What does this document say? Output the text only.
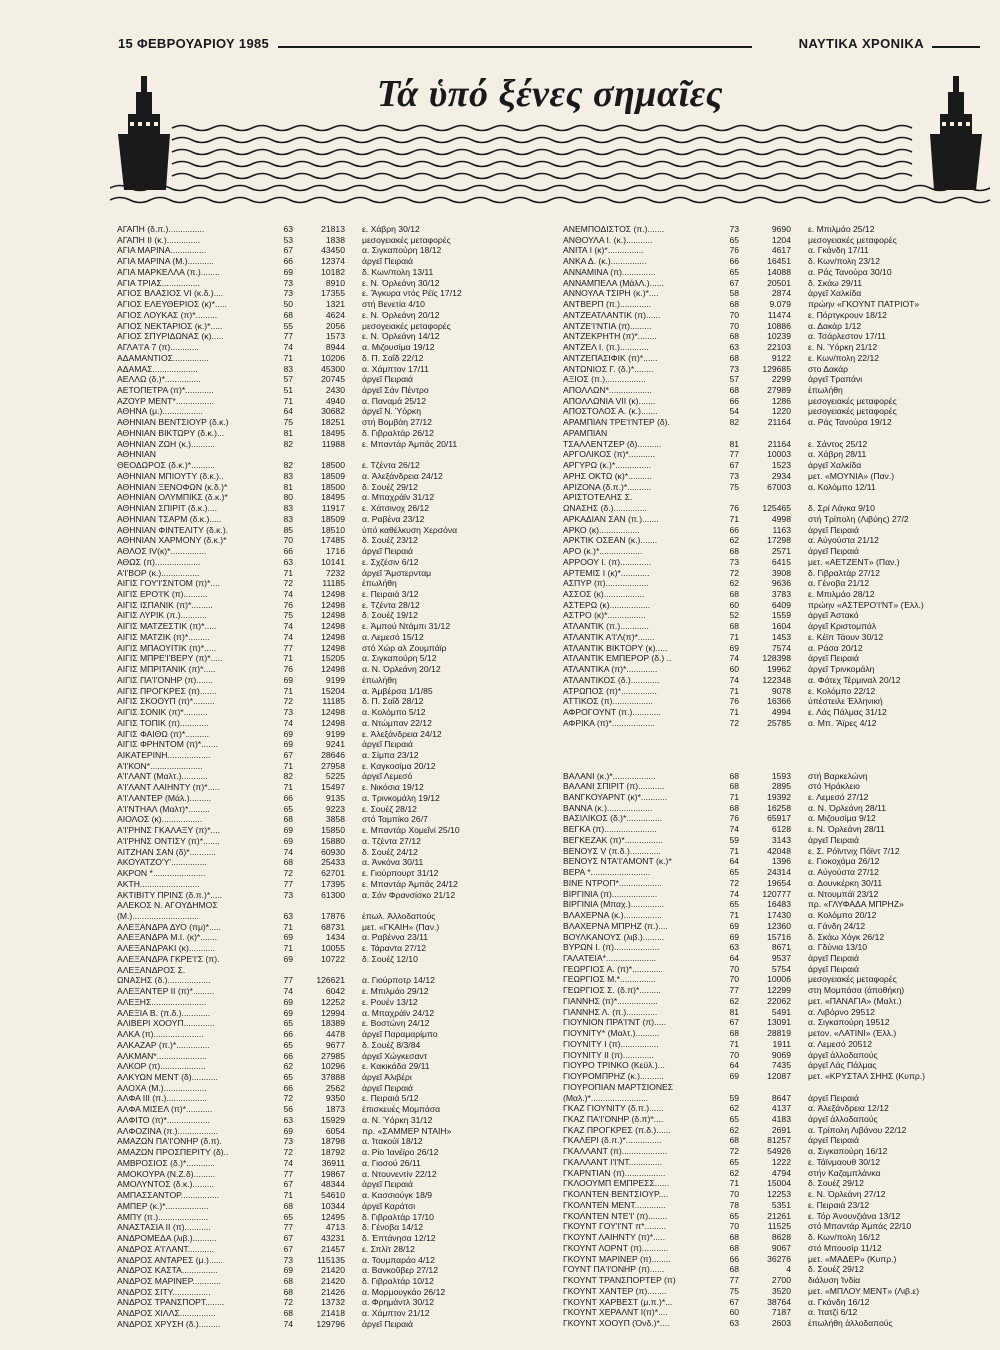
15 ΦΕΒΡΟΥΑΡΙΟΥ 1985	ΝΑΥΤΙΚΑ ΧΡΟΝΙΚΑ
Τά ὑπό ξένες σημαῖες
ΑΓΑΠΗ (δ.π.)...............	63	21813 ε. Χάβρη 30/12
ΑΓΑΠΗ ΙΙ (κ.)..............	53	1838 μεσογειακές μεταφορές
ΑΓΙΑ ΜΑΡΙΝΑ...............	67	43450 α. Σιγκαπούρη 18/12
ΑΓΙΑ ΜΑΡΙΝΑ (Μ.)...........	66	12374 ἀργεῖ Πειραιά
ΑΓΙΑ ΜΑΡΚΕΛΛΑ (π.)........	69	10182 δ. Κων/πολη 13/11
ΑΓΙΑ ΤΡΙΑΣ................	73	8910 ε. Ν. Ὀρλεάνη 30/12
ΑΓΙΟΣ ΒΛΑΣΙΟΣ VI (κ.δ.)....	73	17355 ε. Ἄγκυρα ντός Ρέϊς 17/12
ΑΓΙΟΣ ΕΛΕΥΘΕΡΙΟΣ (κ)*.....	50	1321 στή Βενετία 4/10
ΑΓΙΟΣ ΛΟΥΚΑΣ (π)*.........	68	4624 ε. Ν. Ὀρλεάνη 20/12
ΑΓΙΟΣ ΝΕΚΤΑΡΙΟΣ (κ.)*.....	55	2056 μεσογειακές μεταφορές
ΑΓΙΟΣ ΣΠΥΡΙΔΩΝΑΣ (κ).....	77	1573 ε. Ν. Ὀρλεάνη 14/12
ΑΓΛΑ'Ι'Α 7 (π)............	74	8944 α. Μιζουσίμα 19/12
ΑΔΑΜΑΝΤΙΟΣ...............	71	10206 δ. Π. Σαΐδ 22/12
ΑΔΑΜΑΣ...................	83	45300 α. Χάμπτον 17/11
ΑΕΛΛΩ (δ.)*...............	57	20745 ἀργεῖ Πειραιά
ΑΕΤΟΠΕΤΡΑ (π)*............	51	2430 ἀργεῖ Σάν Πέντρο
ΑΖΟΥΡ ΜΕΝΤ*................	71	4940 α. Παναμά 25/12
ΑΘΗΝΑ (μ.).................	64	30682 ἀργεῖ Ν. Ὑόρκη
ΑΘΗΝΙΑΝ ΒΕΝΤΣΙΟΥΡ (δ.κ.)	75	18251 στή Βομβάη 27/12
ΑΘΗΝΙΑΝ ΒΙΚΤΩΡΥ (δ.κ.)...	81	18495 δ. Γιβραλτάρ 26/12
ΑΘΗΝΙΑΝ ΖΩΗ (κ.)..........	82	11988 ε. Μπαντάρ Ἀμπάς 20/11
ΑΘΗΝΙΑΝ
ΘΕΟΔΩΡΟΣ (δ.κ.)*..........	82	18500 ε. Τζέντα 26/12
ΑΘΗΝΙΑΝ ΜΠΙΟΥΤΥ (δ.κ.)..	83	18509 α. Ἀλεξάνδρεια 24/12
ΑΘΗΝΙΑΝ ΞΕΝΟΦΩΝ (κ.δ.)*	81	18500 δ. Σουέζ 29/12
ΑΘΗΝΙΑΝ ΟΛΥΜΠΙΚΣ (δ.κ.)*	80	18495 α. Μπαχράϊν 31/12
ΑΘΗΝΙΑΝ ΣΠΙΡΙΤ (δ.κ.)....	83	11917 ε. Χάτσινοχ 26/12
ΑΘΗΝΙΑΝ ΤΣΑΡΜ (δ.κ.).....	83	18509 α. Ραβένα 23/12
ΑΘΗΝΙΑΝ ΦΙΝΤΕΛΙΤΥ (δ.κ.).	85	18510 ὑπό καθέλκυση Χερσόνα
ΑΘΗΝΙΑΝ ΧΑΡΜΟΝΥ (δ.κ.)*	70	17485 δ. Σουέζ 23/12
ΑΘΛΟΣ IV(κ)*...............	66	1716 ἀργεῖ Πειραιά
ΑΘΩΣ (π)...................	63	10141 ε. Σχζέσιν 6/12
Α'Ι'ΒΟΡ (κ.)................	71	7232 ἀργεῖ Ἄμστερνταμ
ΑΙΓΙΣ ΓΟΥ'Ι'ΣΝΤΟΜ (π)*....	72	11185 ἐπωλήθη
ΑΙΓΙΣ ΕΡΟ'Ι'Κ (π)..........	74	12498 ε. Πειραιά 3/12
ΑΙΓΙΣ ΙΣΠΑΝΙΚ (π)*.........	76	12498 ε. Τζέντα 28/12
ΑΙΓΙΣ ΛΥΡΙΚ (π.)...........	75	12498 δ. Σουέζ 19/12
ΑΙΓΙΣ ΜΑΤΖΕΣΤΙΚ (π)*.....	74	12498 ε. Ἀμπού Ντάμπι 31/12
ΑΙΓΙΣ ΜΑΤΖΙΚ (π)*.........	74	12498 α. Λεμεσό 15/12
ΑΙΓΙΣ ΜΠΑΟΥΙΤΙΚ (π)*.....	77	12498 στό Χώρ αλ Ζουμπάϊρ
ΑΙΓΙΣ ΜΠΡΕ'Ι'ΒΕΡΥ (π)*.....	71	15205 α. Σιγκαπούρη 5/12
ΑΙΓΙΣ ΜΠΡΙΤΑΝΙΚ (π)*.....	76	12498 α. Ν. Ὀρλεάνη 20/12
ΑΙΓΙΣ ΠΑ'Ι'ΟΝΗΡ (π).......	69	9199 ἐπωλήθη
ΑΙΓΙΣ ΠΡΟΓΚΡΕΣ (π).......	71	15204 α. Ἀμβέρσα 1/1/85
ΑΙΓΙΣ ΣΚΟΟΥΠ (π)*.........	72	11185 δ. Π. Σαΐδ 28/12
ΑΙΓΙΣ ΣΟΝΙΚ (π)*..........	73	12498 α. Κολόμπο 5/12
ΑΙΓΙΣ ΤΟΠΙΚ (π)............	74	12498 α. Ντώμπαν 22/12
ΑΙΓΙΣ ΦΑΙΘΩ (π)*..........	69	9199 ε. Ἀλεξάνδρεια 24/12
ΑΙΓΙΣ ΦΡΗΝΤΟΜ (π)*.......	69	9241 ἀργεῖ Πειραιά
ΑΙΚΑΤΕΡΙΝΗ..................	67	28646 α. Σίμπα 23/12
Α'Ι'ΚΟΝ*......................	71	27958 ε. Καγκοσίμα 20/12
Α'Ι'ΛΑΝΤ (Μαλτ.)...........	82	5225 ἀργεῖ Λεμεσό
Α'Ι'ΛΑΝΤ ΛΑΙΗΝΤΥ (π)*.....	71	15497 ε. Νικόσια 19/12
Α'Ι'ΛΑΝΤΕΡ (Μάλ.).........	66	9135 α. Τρινκομάλη 19/12
Α'Ι'ΝΤΗΑΛ (Μαλτ)*.........	65	9223 ε. Σουέζ 28/12
ΑΙΟΛΟΣ (κ).................	68	3858 στό Ταμπίκο 26/7
Α'Ι'ΡΗΝΣ ΓΚΑΛΑΞΥ (π)*....	69	15850 ε. Μπαντάρ Χομεΐνί 25/10
Α'Ι'ΡΗΝΣ ΟΝΤΙΣΥ (π)*.......	69	15880 α. Τζέντα 27/12
ΑΙΤΖΗΑΝ ΣΑΝ (δ)*...........	74	60930 δ. Σουέζ 24/12
ΑΚΟΥΑΤΖΟ'Υ'...............	68	25433 α. Ἀνκόνα 30/11
ΑΚΡΟΝ *......................	72	62701 ε. Γιούρπουρτ 31/12
ΑΚΤΗ.........................	77	17395 ε. Μπαντάρ Ἀμπάς 24/12
ΑΚΤΙΒΙΤΥ ΠΡΙΝΣ (δ.π.)*.....	73	61300 α. Σάν Φρανσίσκο 21/12
ΑΛΕΚΟΣ Ν. ΑΓΟΥΔΗΜΟΣ
(Μ.)............................	63	17876 ἐπωλ. Ἀλλοδαπούς
ΑΛΕΞΑΝΔΡΑ ΔΥΟ (πμ)*.....	71	68731 μετ. «ΓΚΑΙΗ» (Παν.)
ΑΛΕΞΑΝΔΡΑ Μ.Ι. (κ)*.......	69	1434 α. Ραβέννα 23/11
ΑΛΕΞΑΝΔΡΑΚΙ (κ)...........	71	10055 ε. Τάραντα 27/12
ΑΛΕΞΑΝΔΡΑ ΓΚΡΕ'Ι'Σ (π).	69	10722 δ. Σουέζ 12/10
ΑΛΕΞΑΝΔΡΟΣ Σ.
ΩΝΑΣΗΣ (δ.)..................	77	126621 α. Γιούρποτρ 14/12
ΑΛΕΞΑΝΤΕΡ ΙΙ (π)*.........	74	6042 ε. Μπιλμάο 29/12
ΑΛΕΞΗΣ.......................	69	12252 ε. Ρουέν 13/12
ΑΛΕΞΙΑ Β. (π.δ.)............	69	12994 α. Μπαχράϊν 24/12
ΑΛΙΒΕΡΙ ΧΟΟΥΠ.............	65	18389 ε. Βοστώνη 24/12
ΑΛΚΑ (π).....................	66	4478 ἀργεῖ Παραμαρίμπο
ΑΛΚΑΖΑΡ (π.)*..............	65	9677 δ. Σουέζ 8/3/84
ΑΛΚΜΑΝ*.....................	66	27985 ἀργεῖ Χώγκεσαντ
ΑΛΚΟΡ (π)...................	62	10296 ε. Κακικάδα 29/11
ΑΛΚΥΩΝ ΜΕΝΤ (δ)...........	65	37888 ἀργεῖ Ἀλιβέρι
ΑΛΟΧΑ (Μ.)..................	66	2562 ἀργεῖ Πειραιά
ΑΛΦΑ ΙΙΙ (π.).................	72	9350 ε. Πειραιά 5/12
ΑΛΦΑ ΜΙΣΕΛ (π)*...........	56	1873 ἐπισκευές Μομπάσα
ΑΛΦΙΤΟ (π)*..................	63	15929 α. Ν. Ὑόρκη 31/12
ΑΛΦΟΖΙΝΑ (π.).................	69	6054 πρ. «ΣΑΜΜΕΡ ΝΤΑΙΗ»
ΑΜΑΖΩΝ ΠΑ'Ι'ΟΝΗΡ (δ.π).	73	18798 α. Ἰτακούϊ 18/12
ΑΜΑΖΩΝ ΠΡΟΣΠΕΡΙΤΥ (δ)..	72	18792 α. Ρίο Ἰανέϊρο 26/12
ΑΜΒΡΟΣΙΟΣ (δ.)*............	74	36911 α. Γιοσού 26/11
ΑΜΟΚΟΥΡΑ (Ν.Ζ.δ).........	77	19867 α. Ντουνεντίν 22/12
ΑΜΟΛΥΝΤΟΣ (δ.κ.).........	67	48344 ἀργεῖ Πειραιά
ΑΜΠΑΣΣΑΝΤΟΡ................	71	54610 α. Κασσιούγκ 18/9
ΑΜΠΕΡ (κ.)*..................	68	10344 ἀργεῖ Καράτσι
ΑΜΠΥ (π.).....................	65	12495 δ. Γιβραλτάρ 17/10
ΑΝΑΣΤΑΣΙΑ ΙΙ (π)...........	77	4713 δ. Γένοβα 14/12
ΑΝΔΡΟΜΕΔΑ (λιβ.)..........	67	43231 δ. Ἐπτάνησα 12/12
ΑΝΔΡΟΣ Α'Ι'ΛΑΝΤ...........	67	21457 ε. Σπλίτ 28/12
ΑΝΔΡΟΣ ΑΝΤΑΡΕΣ (μ.)......	73	115135 α. Τουμπαράο 4/12
ΑΝΔΡΟΣ ΚΑΣΤΑ...............	69	21420 α. Βανκοῦβερ 27/12
ΑΝΔΡΟΣ ΜΑΡΙΝΕΡ............	68	21420 δ. Γιβραλτάρ 10/12
ΑΝΔΡΟΣ ΣΙΤΥ................	68	21426 α. Μορμουγκάο 26/12
ΑΝΔΡΟΣ ΤΡΑΝΣΠΟΡΤ........	72	13732 α. Φρημάντλ 30/12
ΑΝΔΡΟΣ ΧΙΛΛΣ...............	68	21418 α. Χάμπτον 21/12
ΑΝΔΡΟΣ ΧΡΥΣΗ (δ.).........	74	129796 ἀργεῖ Πειραιά
ΑΝΕΜΠΟΔΙΣΤΟΣ (π.).......	73	9690 ε. Μπιλμάο 25/12
ΑΝΘΟΥΛΑ Ι. (κ.)...........	65	1204 μεσογειακές μεταφορές
ΑΝΙΤΑ Ι (κ)*...............	76	4617 α. Γκάνδη 17/11
ΑΝΚΑ Δ. (κ.)...............	66	16451 δ. Κων/πολη 23/12
ΑΝΝΑΜΙΝΑ (π)..............	65	14088 α. Ράς Τανούρα 30/10
ΑΝΝΑΜΠΕΛΑ (ΜάλΛ.)......	67	20501 δ. Σκάω 29/11
ΑΝΝΟΥΛΑ ΤΣΙΡΗ (κ.)*....	58	2874 ἀργεῖ Χαλκίδα
ΑΝΤΒΕΡΠ (π.).............	68	9.079 πρώην «ΓΚΟΥΝΤ ΠΑΤΡΙΟΤ»
ΑΝΤΖΕΑΤΛΑΝΤΙΚ (π)......	70	11474 ε. Πόρτγκρουν 18/12
ΑΝΤΖΕ'Ι'ΝΤΙΑ (π).........	70	10886 α. Δακάρ 1/12
ΑΝΤΖΕΚΡΗΤΗ (π)*........	68	10239 α. Τσάρλεστον 17/11
ΑΝΤΖΕΛ Ι. (π.)............	63	22103 ε. Ν. Ὑόρκη 21/12
ΑΝΤΖΕΠΑΣΙΦΙΚ (π)*......	68	9122 ε. Κων/πολη 22/12
ΑΝΤΩΝΙΟΣ Γ. (δ.)*........	73	129685 στο Δακάρ
ΑΞΙΟΣ (π.).................	57	2299 ἀργεῖ Τραπάνι
ΑΠΟΛΛΩΝ*..................	68	27989 ἐπωλήθη
ΑΠΟΛΛΩΝΙΑ VII (κ).......	66	1286 μεσογειακές μεταφορές
ΑΠΟΣΤΟΛΟΣ Α. (κ.).......	54	1220 μεσογειακές μεταφορές
ΑΡΑΜΠΙΑΝ ΤΡΕ'Ι'ΝΤΕΡ (δ).	82	21164 α. Ράς Τανούρα 19/12
ΑΡΑΜΠΙΑΝ
ΤΣΑΛΛΕΝΤΖΕΡ (δ)..........	81	21164 ε. Σάντος 25/12
ΑΡΓΟΛΙΚΟΣ (π)*...........	77	10003 α. Χάβρη 28/11
ΑΡΓΥΡΩ (κ.)*...............	67	1523 ἀργεῖ Χαλκίδα
ΑΡΗΣ ΟΚΤΩ (κ)*..........	73	2934 μετ. «ΜΟΥΝΙΑ» (Παν.)
ΑΡΙΖΟΝΑ (δ.π.)*..........	75	67003 α. Κολόμπο 12/11
ΑΡΙΣΤΟΤΕΛΗΣ Σ.
ΩΝΑΣΗΣ (δ.)..............	76	125465 δ. Σρί Λάνκα 9/10
ΑΡΚΑΔΙΑΝ ΣΑΝ (π.).......	71	4998 στή Τρίπολη (Λιβύης) 27/2
ΑΡΚΟ (κ).................	66	1163 ἀργεῖ Πειραιά
ΑΡΚΤΙΚ ΟΣΕΑΝ (κ.).......	62	17298 α. Αὐγούστα 21/12
ΑΡΟ (κ.)*..................	68	2571 ἀργεῖ Πειραιά
ΑΡΡΟΟΥ Ι. (π).............	73	6415 μετ. «ΑΕΤΖΕΝΤ» (Παν.)
ΑΡΤΕΜΙΣ Ι (κ)*............	72	3908 δ. Γιβραλτάρ 27/12
ΑΣΠΥΡ (π)..................	62	9636 α. Γένοβα 21/12
ΑΣΣΟΣ (κ).................	68	3783 ε. Μπιλμάο 28/12
ΑΣΤΕΡΩ (κ).................	60	6409 πρώην «ΑΣΤΕΡΟ'Ι'ΝΤ» (Ἐλλ.)
ΑΣΤΡΟ (κ)*................	52	1559 ἀργεῖ Ἀστακό
ΑΤΛΑΝΤΙΚ (π.)............	68	1604 ἀργεῖ Κριστομπάλ
ΑΤΛΑΝΤΙΚ Α'Ι'Λ(π)*.......	71	1453 ε. Κέϊπ Τάουν 30/12
ΑΤΛΑΝΤΙΚ ΒΙΚΤΟΡΥ (κ).....	69	7574 α. Ράσα 20/12
ΑΤΛΑΝΤΙΚ ΕΜΠΕΡΟΡ (δ.) ..	74	128398 ἀργεῖ Πειραιά
ΑΤΛΑΝΤΙΚΑ (π)*.............	60	19962 ἀργεῖ Τρινκομάλη
ΑΤΛΑΝΤΙΚΟΣ (δ.)............	74	122348 α. Φότεχ Τέρμιναλ 20/12
ΑΤΡΩΠΟΣ (π)*...............	71	9078 ε. Κολόμπο 22/12
ΑΤΤΙΚΟΣ (π).................	76	16366 ὑπέστειλε Ἐλληνική
ΑΦΡΟΓΟΥΝΤ (π.)............	71	4994 ε. Λάς Πάλμας 31/12
ΑΦΡΙΚΑ (π)*..................	72	25785 α. Μπ. Ἄϊρες 4/12
ΒΑΛΑΝΙ (κ.)*..................	68	1593 στή Βαρκελώνη
ΒΑΛΑΝΙ ΣΠΙΡΙΤ (π)...........	68	2895 στό Ἡράκλειο
ΒΑΝΓΚΟΥΑΡΝΤ (κ)*...........	71	19392 ε. Λεμεσό 27/12
ΒΑΝΝΑ (κ.)...................	68	16258 α. Ν. Ὀρλεάνη 28/11
ΒΑΣΙΛΙΚΟΣ (δ.)*...............	76	65917 α. Μιζουσίμα 9/12
ΒΕΓΚΑ (π)......................	74	6128 ε. Ν. Ὀρλεάνη 28/11
ΒΕΓΚΕΖΑΚ (π)*................	59	3143 ἀργεῖ Πειραιά
ΒΕΝΟΥΣ V (π.δ.).............	71	42048 ε. Σ. Ρόϊντνιχ Πόϊντ 7/12
ΒΕΝΟΥΣ ΝΤΑ'Ι'ΑΜΟΝΤ (κ.)*	64	1396 ε. Γιοκοχάμα 26/12
ΒΕΡΑ *.........................	65	24314 α. Αὐγούστα 27/12
ΒΙΝΕ ΝΤΡΟΠ*..................	72	19654 α. Δουνκέρκη 30/11
ΒΙΡΓΙΝΙΑ (π)...................	74	120777 α. Ντουμπάϊ 23/12
ΒΙΡΓΙΝΙΑ (Μπαχ.)..............	65	16483 πρ. «ΓΛΥΦΑΔΑ ΜΠΡΗΖ»
ΒΛΑΧΕΡΝΑ (κ.)................	71	17430 α. Κολόμπο 20/12
ΒΛΑΧΕΡΝΑ ΜΠΡΗΖ (π.)....	69	12360 α. Γάνδη 24/12
ΒΟΥΛΚΑΝΟΥΣ (λιβ.).........	69	15716 δ. Σκάω Χόγκ 26/12
ΒΥΡΩΝ Ι. (π)...................	63	8671 α. Γδύνια 13/10
ΓΑΛΑΤΕΙΑ*.....................	64	9537 ἀργεῖ Πειραιά
ΓΕΩΡΓΙΟΣ Α. (π)*.............	70	5754 ἀργεῖ Πειραιά
ΓΕΩΡΓΙΟΣ Μ.*...............	70	10006 μεσογειακές μεταφορές
ΓΕΩΡΓΙΟΣ Σ. (δ.π)*.........	77	12299 στη Μομπάσα (ἀποθήκη)
ΓΙΑΝΝΗΣ (π)*.................	62	22062 μετ. «ΠΑΝΑΓΙΑ» (Μαλτ.)
ΓΙΑΝΝΗΣ Λ. (π.).............	81	5491 α. Λιβόρνο 29512
ΓΙΟΥΝΙΟΝ ΠΡΑ'Ι'ΝΤ (π).....	67	13091 α. Σιγκαπούρη 19512
ΓΙΟΥΝΙΤΥ* (Μαλτ.)..........	68	28819 μετον. «ΛΑΤΙΝΙ» (Ἐλλ.)
ΓΙΟΥΝΙΤΥ Ι (π)................	71	1911 α. Λεμεσό 20512
ΓΙΟΥΝΙΤΥ ΙΙ (π).............	70	9069 ἀργεῖ ἀλλοδαπούς
ΓΙΟΥΡΟ ΤΡΙΝΚΟ (Κεϋλ.)...	64	7435 ἀργεῖ Λάς Πάλμας
ΓΙΟΥΡΟΜΠΡΗΖ (κ.)..........	69	12087 μετ. «ΚΡΥΣΤΑΛ ΣΗΗΣ (Κυπρ.)
ΓΙΟΥΡΟΠΙΑΝ ΜΑΡΤΣΙΟΝΕΣ
(Μαλ.)*........................	59	8647 ἀργεῖ Πειραιά
ΓΚΑΖ ΓΙΟΥΝΙΤΥ (δ.π.)......	62	4137 α. Ἀλεξάνδρεια 12/12
ΓΚΑΖ ΠΑ'Ι'ΟΝΗΡ (δ.π)*....	65	4183 ἀργεῖ ἀλλοδαπούς
ΓΚΑΖ ΠΡΟΓΚΡΕΣ (π.δ.)......	62	2691 α. Τρίπολη Λιβάνου 22/12
ΓΚΑΛΕΡΙ (δ.π.)*...............	68	81257 ἀργεῖ Πειραιά
ΓΚΑΛΛΑΝΤ (π)...................	72	54926 α. Σιγκαπούρη 16/12
ΓΚΑΛΛΑΝΤ Ι'Ι'ΝΤ..............	65	1222 ε. Τάϊνμαουθ 30/12
ΓΚΑΡΝΤΙΑΝ (π).................	62	4794 στήν Καζαμπλάνκα
ΓΚΛΟΟΥΜΠ ΕΜΠΡΕΣΣ......	71	15004 δ. Σουέζ 29/12
ΓΚΟΛΝΤΕΝ ΒΕΝΤΣΙΟΥΡ....	70	12253 ε. Ν. Ὀρλεάνη 27/12
ΓΚΟΛΝΤΕΝ ΜΕΝΤ.............	78	5351 ε. Πειραιά 23/12
ΓΚΟΛΝΤΕΝ ΝΤΕ'Ι' (π)........	65	21261 ε. Τόρ Ἀνουνζιάνα 13/12
ΓΚΟΥΝΤ ΓΟΥ'Ι'ΝΤ π*.........	70	11525 στό Μπαντάρ Ἀμπάς 22/10
ΓΚΟΥΝΤ ΛΑΙΗΝΤΥ (π)*.....	68	8628 δ. Κων/πολη 16/12
ΓΚΟΥΝΤ ΛΟΡΝΤ (π)...........	68	9067 στό Μπουσίρ 11/12
ΓΚΟΥΝΤ ΜΑΡΙΝΕΡ (π)........	66	36276 μετ. «ΜΑΔΕΡ» (Κυπρ.)
ΓΟΥΝΤ ΠΑ'Ι'ΟΝΗΡ (π)......	68	4 δ. Σουέζ 29/12
ΓΚΟΥΝΤ ΤΡΑΝΣΠΟΡΤΕΡ (π)	77	2700 διάλυση Ἰνδία
ΓΚΟΥΝΤ ΧΑΝΤΕΡ (π)........	75	3520 μετ. «ΜΠΛΟΥ ΜΕΝΤ» (Λιβ.ε)
ΓΚΟΥΝΤ ΧΑΡΒΕΣΤ (μ.π.)*...	67	38764 α. Γκάνδη 16/12
ΓΚΟΥΝΤ ΧΕΡΑΛΝΤ Ι(π)*....	60	7187 α. Ἰτατζί 6/12
ΓΚΟΥΝΤ ΧΟΟΥΠ (Ὀνδ.)*....	63	2603 ἐπωλήθη ἀλλοδαπούς
